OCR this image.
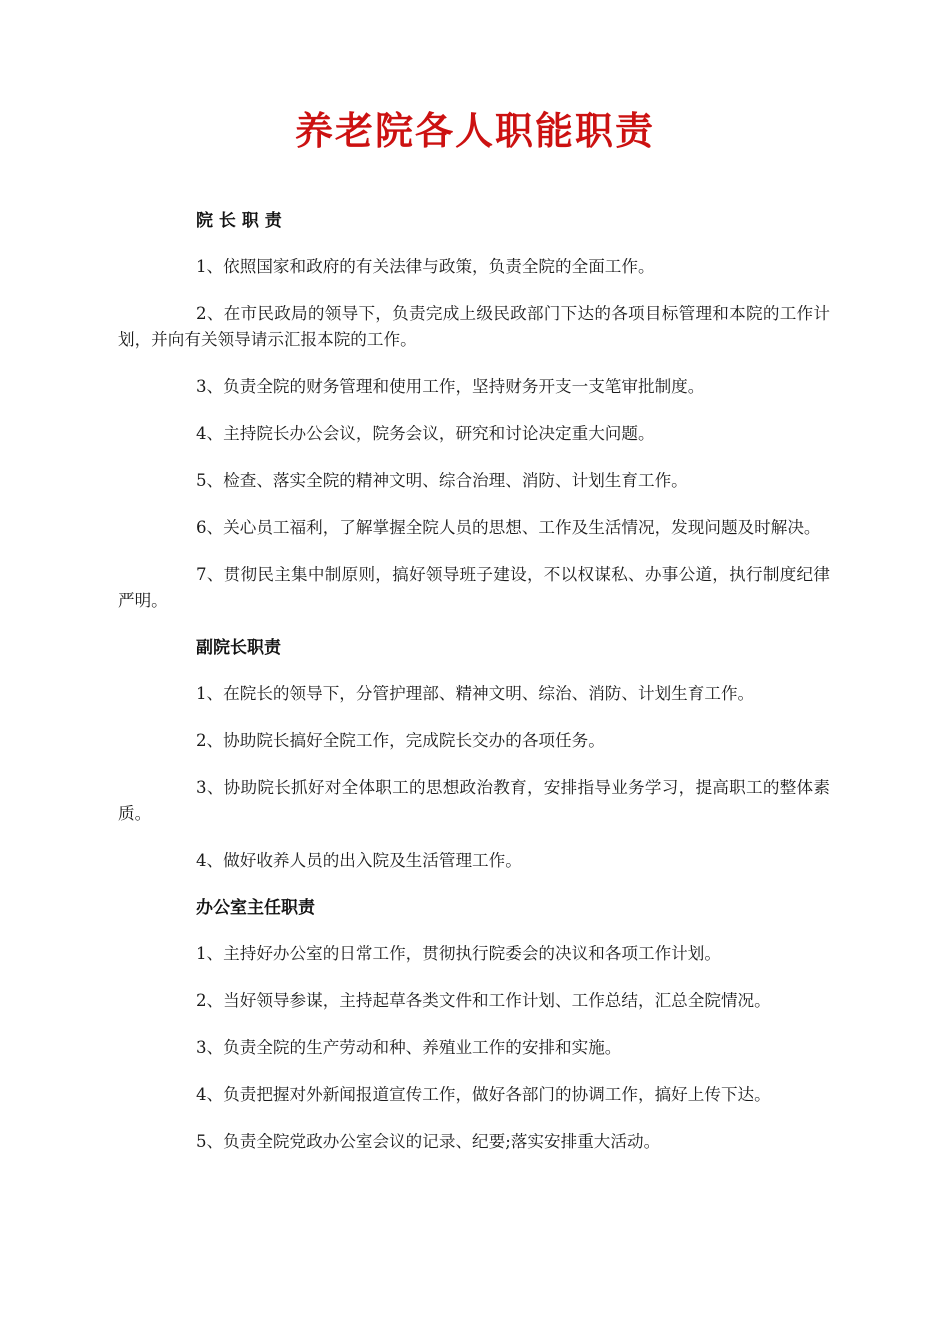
养老院各人职能职责
院 长 职 责

1、依照国家和政府的有关法律与政策，负责全院的全面工作。

2、在市民政局的领导下，负责完成上级民政部门下达的各项目标管理和本院的工作计划，并向有关领导请示汇报本院的工作。

3、负责全院的财务管理和使用工作，坚持财务开支一支笔审批制度。

4、主持院长办公会议，院务会议，研究和讨论决定重大问题。

5、检查、落实全院的精神文明、综合治理、消防、计划生育工作。

6、关心员工福利，了解掌握全院人员的思想、工作及生活情况，发现问题及时解决。

7、贯彻民主集中制原则，搞好领导班子建设，不以权谋私、办事公道，执行制度纪律严明。

副院长职责

1、在院长的领导下，分管护理部、精神文明、综治、消防、计划生育工作。

2、协助院长搞好全院工作，完成院长交办的各项任务。

3、协助院长抓好对全体职工的思想政治教育，安排指导业务学习，提高职工的整体素质。

4、做好收养人员的出入院及生活管理工作。

办公室主任职责

1、主持好办公室的日常工作，贯彻执行院委会的决议和各项工作计划。

2、当好领导参谋，主持起草各类文件和工作计划、工作总结，汇总全院情况。

3、负责全院的生产劳动和种、养殖业工作的安排和实施。

4、负责把握对外新闻报道宣传工作，做好各部门的协调工作，搞好上传下达。

5、负责全院党政办公室会议的记录、纪要;落实安排重大活动。
